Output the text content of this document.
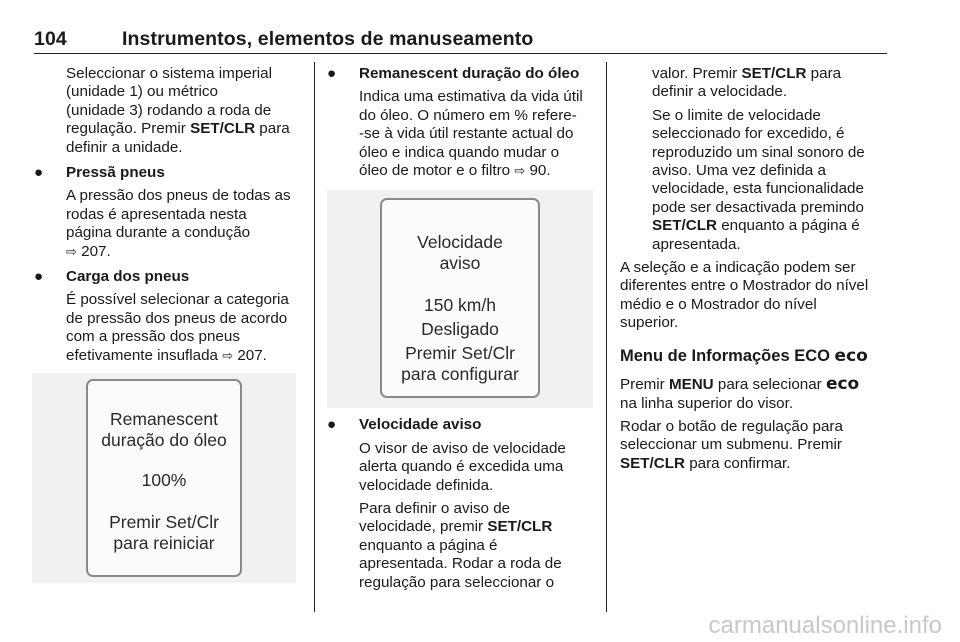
104	Instrumentos, elementos de manuseamento

Seleccionar o sistema imperial

(unidade 1) ou métrico

(unidade 3) rodando a roda de

regulação. Premir SET/CLR para

definir a unidade.

● Pressã pneus

A pressão dos pneus de todas as

rodas é apresentada nesta

página durante a condução

⇨ 207.

● Carga dos pneus

É possível selecionar a categoria

de pressão dos pneus de acordo

com a pressão dos pneus

efetivamente insuflada ⇨ 207.

Remanescent
duração do óleo
100%
Premir Set/Clr
para reiniciar
● Remanescent duração do óleo

Indica uma estimativa da vida útil

do óleo. O número em % refere-

-se à vida útil restante actual do

óleo e indica quando mudar o

óleo de motor e o filtro ⇨ 90.

Velocidade
aviso
150 km/h
Desligado
Premir Set/Clr
para configurar
● Velocidade aviso

O visor de aviso de velocidade

alerta quando é excedida uma

velocidade definida.

Para definir o aviso de

velocidade, premir SET/CLR

enquanto a página é

apresentada. Rodar a roda de

regulação para seleccionar o

valor. Premir SET/CLR para

definir a velocidade.

Se o limite de velocidade

seleccionado for excedido, é

reproduzido um sinal sonoro de

aviso. Uma vez definida a

velocidade, esta funcionalidade

pode ser desactivada premindo

SET/CLR enquanto a página é

apresentada.

A seleção e a indicação podem ser

diferentes entre o Mostrador do nível

médio e o Mostrador do nível

superior.

Menu de Informações ECO eco

Premir MENU para selecionar eco

na linha superior do visor.

Rodar o botão de regulação para

seleccionar um submenu. Premir

SET/CLR para confirmar.

carmanualsonline.info
